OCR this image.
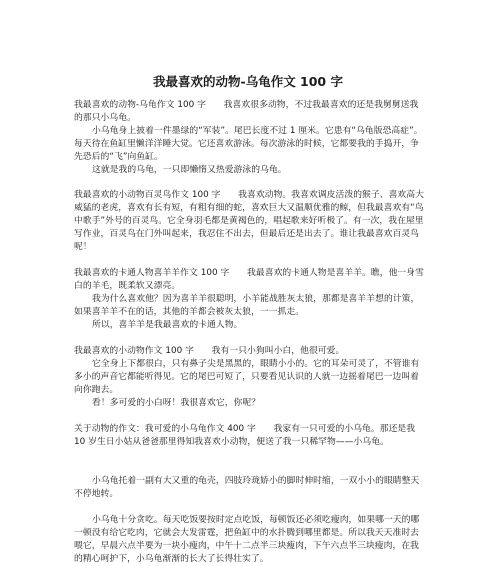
我最喜欢的动物-乌龟作文 100 字

我最喜欢的动物-乌龟作文 100 字　　我喜欢很多动物，不过我最喜欢的还是我舅舅送我的那只小乌龟。

小乌龟身上披着一件墨绿的“军装”。尾巴长度不过 1 厘米。它患有“乌龟版恐高症”。每天待在鱼缸里懒洋洋睡大觉。它还喜欢游泳。每次游泳的时候，它都要我的手捣开，争先恐后的“飞”向鱼缸。

这就是我的乌龟，一只即懒惰又热爱游泳的乌龟。

我最喜欢的小动物百灵鸟作文 100 字　　我喜欢动物。我喜欢调皮活泼的猴子、喜欢高大威猛的老虎，喜欢有长有短，有粗有细的蛇，喜欢巨大又温顺优雅的鲸，但我最喜欢有“鸟中歌手”外号的百灵鸟。它全身羽毛都是黄褐色的，唱起歌来好听极了。有一次，我在屋里写作业，百灵鸟在门外叫起来，我忍住不出去，但最后还是出去了。谁让我最喜欢百灵鸟呢！

我最喜欢的卡通人物喜羊羊作文 100 字　　我最喜欢的卡通人物是喜羊羊。瞧，他一身雪白的羊毛，既柔软又漂亮。

我为什么喜欢他？因为喜羊羊很聪明，小羊能战胜灰太狼，那都是喜羊羊想的计策，如果喜羊羊不在的话，其他的羊都会被灰太狼，一一抓走。

所以，喜羊羊是我最喜欢的卡通人物。

我最喜欢的小动物作文 100 字　　我有一只小狗叫小白，他很可爱。

它全身上下都很白，只有鼻子尖是黑黑的，眼睛小小的。它的耳朵可灵了，不管谁有多小的声音它都能听得见。它的尾巴可短了，只要看见认识的人就一边摇着尾巴一边叫着向你跑去。

看！多可爱的小白呀！我很喜欢它，你呢？

关于动物的作文：我可爱的小乌龟作文 400 字　　我家有一只可爱的小乌龟。那还是我 10 岁生日小姑从爸爸那里得知我喜欢小动物，便送了我一只稀罕物——小乌龟。

小乌龟托着一副有大又重的龟壳，四肢玲珑娇小的脚时伸时缩，一双小小的眼睛整天不停地转。

小乌龟十分贪吃。每天吃饭要按时定点吃饭，每顿饭还必须吃瘦肉，如果哪一天的哪一顿没有给它吃肉，它就会大发雷霆，把鱼缸中的水扑腾到哪里都是。所以我天天准时去喂它，早晨六点半要为一块小瘦肉，中午十二点半三块瘦肉，下午六点半三块瘦肉，在我的精心呵护下，小乌龟渐渐的长大了长得壮实了。
